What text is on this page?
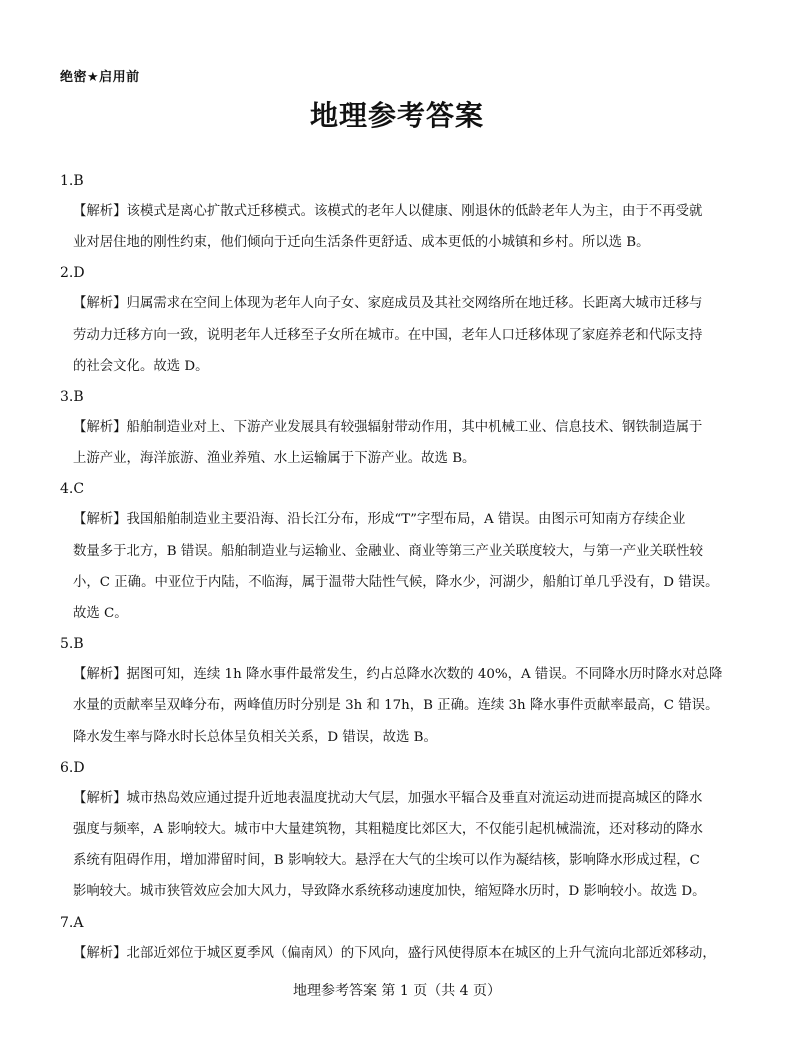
绝密★启用前
地理参考答案

1.B

【解析】该模式是离心扩散式迁移模式。该模式的老年人以健康、刚退休的低龄老年人为主，由于不再受就

业对居住地的刚性约束，他们倾向于迁向生活条件更舒适、成本更低的小城镇和乡村。所以选 B。

2.D

【解析】归属需求在空间上体现为老年人向子女、家庭成员及其社交网络所在地迁移。长距离大城市迁移与

劳动力迁移方向一致，说明老年人迁移至子女所在城市。在中国，老年人口迁移体现了家庭养老和代际支持

的社会文化。故选 D。

3.B

【解析】船舶制造业对上、下游产业发展具有较强辐射带动作用，其中机械工业、信息技术、钢铁制造属于

上游产业，海洋旅游、渔业养殖、水上运输属于下游产业。故选 B。

4.C

【解析】我国船舶制造业主要沿海、沿长江分布，形成“T”字型布局，A 错误。由图示可知南方存续企业

数量多于北方，B 错误。船舶制造业与运输业、金融业、商业等第三产业关联度较大，与第一产业关联性较

小，C 正确。中亚位于内陆，不临海，属于温带大陆性气候，降水少，河湖少，船舶订单几乎没有，D 错误。

故选 C。

5.B

【解析】据图可知，连续 1h 降水事件最常发生，约占总降水次数的 40%，A 错误。不同降水历时降水对总降

水量的贡献率呈双峰分布，两峰值历时分别是 3h 和 17h，B 正确。连续 3h 降水事件贡献率最高，C 错误。

降水发生率与降水时长总体呈负相关关系，D 错误，故选 B。

6.D

【解析】城市热岛效应通过提升近地表温度扰动大气层，加强水平辐合及垂直对流运动进而提高城区的降水

强度与频率，A 影响较大。城市中大量建筑物，其粗糙度比郊区大，不仅能引起机械湍流，还对移动的降水

系统有阻碍作用，增加滞留时间，B 影响较大。悬浮在大气的尘埃可以作为凝结核，影响降水形成过程，C

影响较大。城市狭管效应会加大风力，导致降水系统移动速度加快，缩短降水历时，D 影响较小。故选 D。

7.A

【解析】北部近郊位于城区夏季风（偏南风）的下风向，盛行风使得原本在城区的上升气流向北部近郊移动，

地理参考答案 第 1 页（共 4 页）
